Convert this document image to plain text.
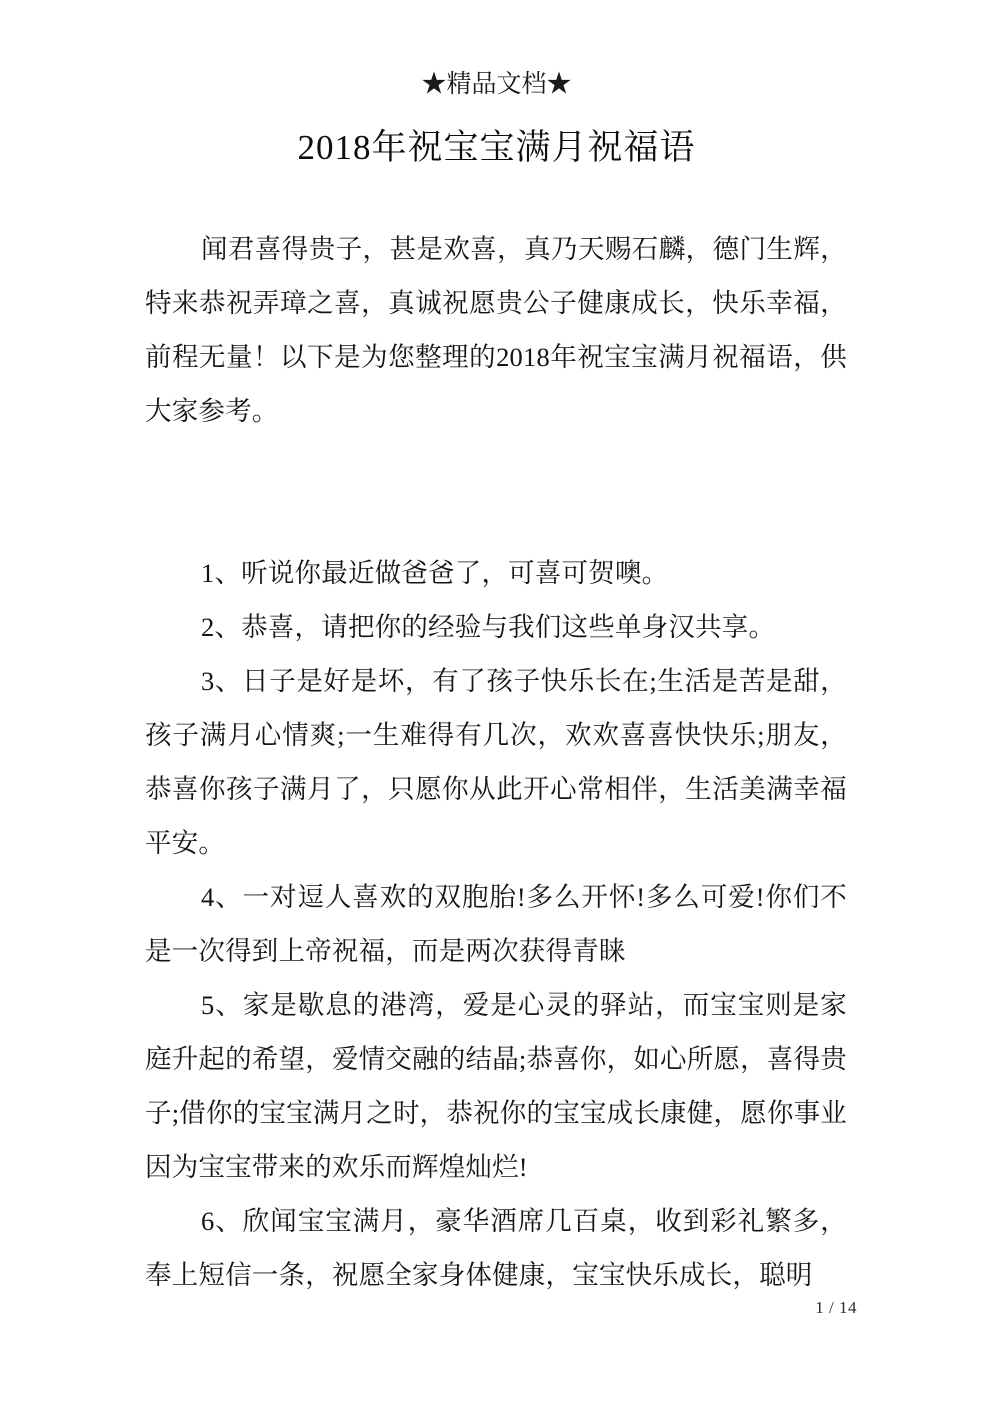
★精品文档★
2018年祝宝宝满月祝福语

闻君喜得贵子，甚是欢喜，真乃天赐石麟，德门生辉，特来恭祝弄璋之喜，真诚祝愿贵公子健康成长，快乐幸福，前程无量！以下是为您整理的2018年祝宝宝满月祝福语，供大家参考。

1、听说你最近做爸爸了，可喜可贺噢。

2、恭喜，请把你的经验与我们这些单身汉共享。

3、日子是好是坏，有了孩子快乐长在;生活是苦是甜，孩子满月心情爽;一生难得有几次，欢欢喜喜快快乐;朋友，恭喜你孩子满月了，只愿你从此开心常相伴，生活美满幸福平安。

4、一对逗人喜欢的双胞胎!多么开怀!多么可爱!你们不是一次得到上帝祝福，而是两次获得青睐

5、家是歇息的港湾，爱是心灵的驿站，而宝宝则是家庭升起的希望，爱情交融的结晶;恭喜你，如心所愿，喜得贵子;借你的宝宝满月之时，恭祝你的宝宝成长康健，愿你事业因为宝宝带来的欢乐而辉煌灿烂!

6、欣闻宝宝满月，豪华酒席几百桌，收到彩礼繁多，奉上短信一条，祝愿全家身体健康，宝宝快乐成长，聪明

1 / 14
